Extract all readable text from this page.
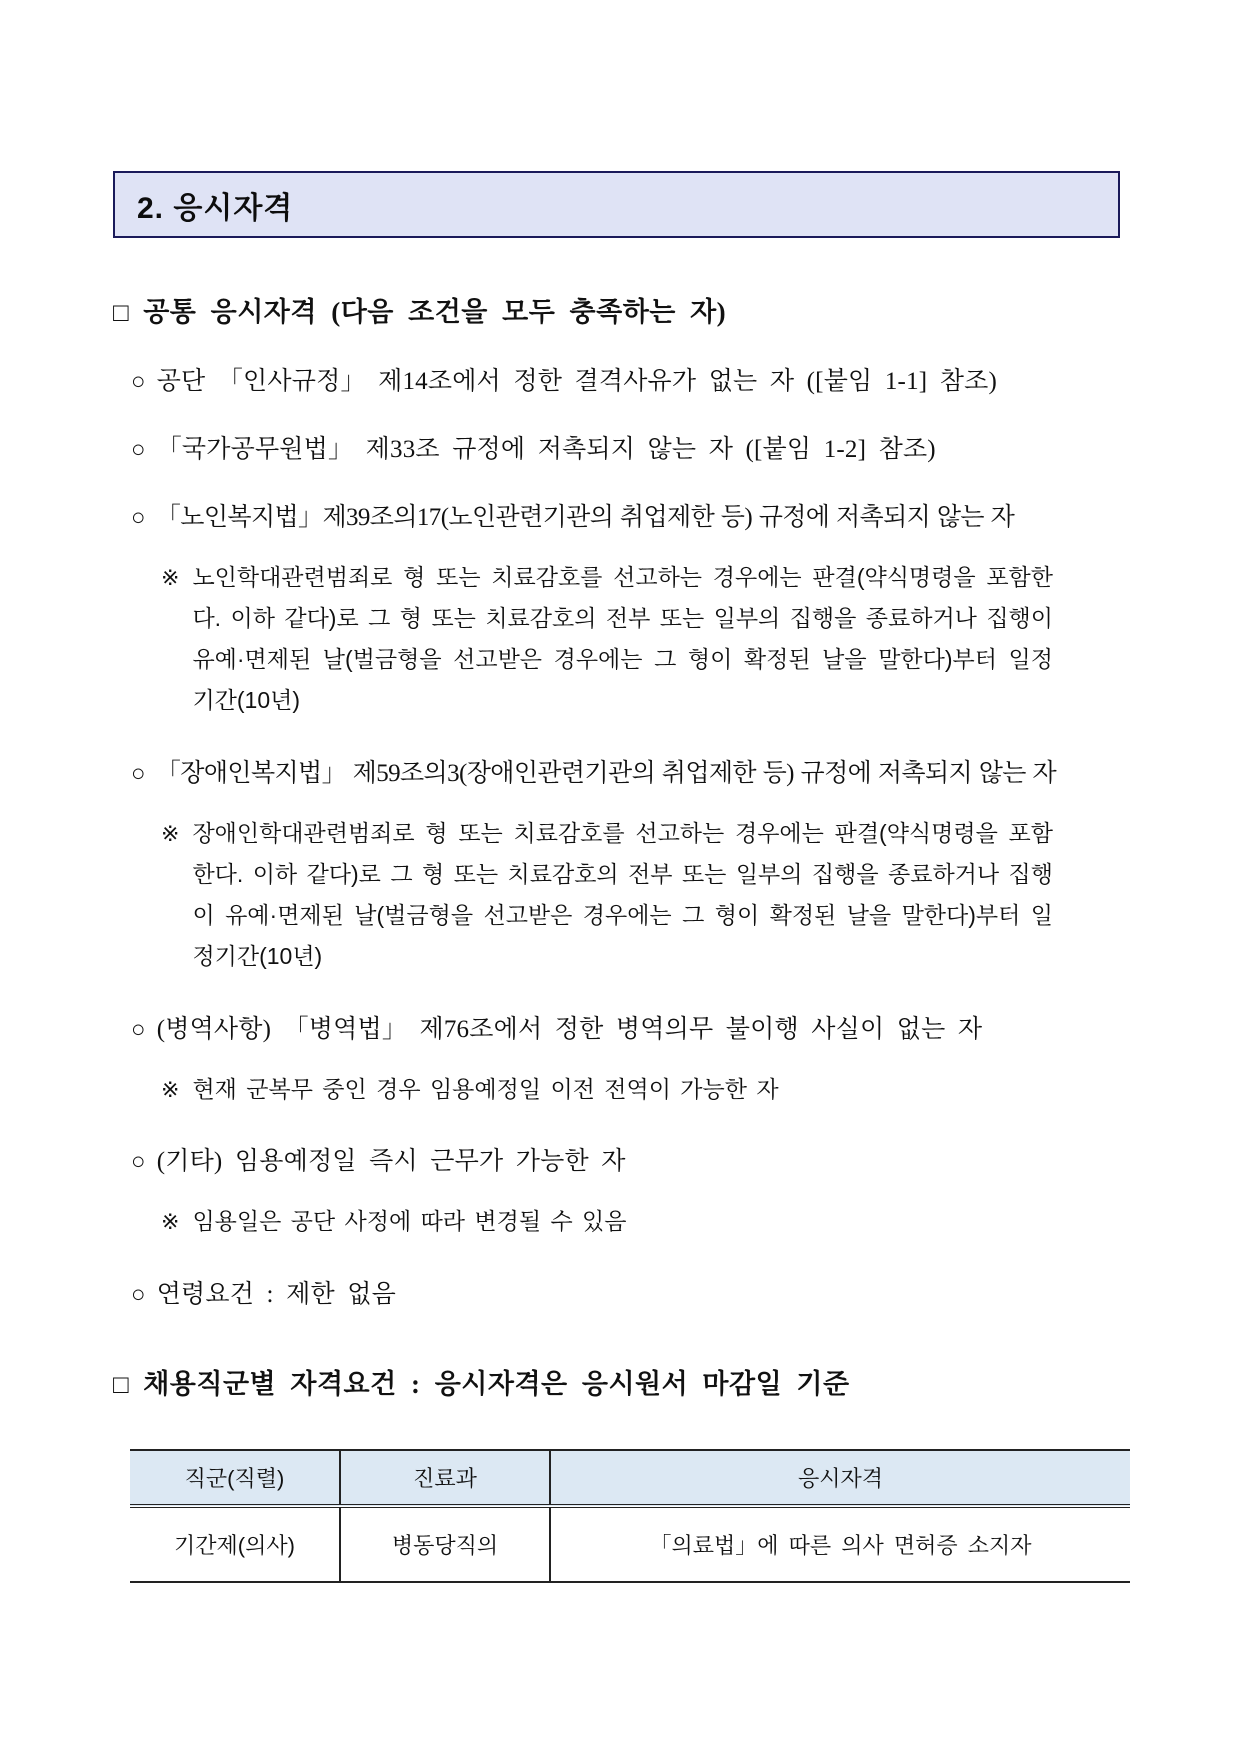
2. 응시자격
□ 공통 응시자격 (다음 조건을 모두 충족하는 자)
○ 공단 「인사규정」 제14조에서 정한 결격사유가 없는 자 ([붙임 1-1] 참조)
○ 「국가공무원법」 제33조 규정에 저촉되지 않는 자 ([붙임 1-2] 참조)
○ 「노인복지법」제39조의17(노인관련기관의 취업제한 등) 규정에 저촉되지 않는 자
※ 노인학대관련범죄로 형 또는 치료감호를 선고하는 경우에는 판결(약식명령을 포함한다. 이하 같다)로 그 형 또는 치료감호의 전부 또는 일부의 집행을 종료하거나 집행이 유예·면제된 날(벌금형을 선고받은 경우에는 그 형이 확정된 날을 말한다)부터 일정기간(10년)
○ 「장애인복지법」 제59조의3(장애인관련기관의 취업제한 등) 규정에 저촉되지 않는 자
※ 장애인학대관련범죄로 형 또는 치료감호를 선고하는 경우에는 판결(약식명령을 포함한다. 이하 같다)로 그 형 또는 치료감호의 전부 또는 일부의 집행을 종료하거나 집행이 유예·면제된 날(벌금형을 선고받은 경우에는 그 형이 확정된 날을 말한다)부터 일정기간(10년)
○ (병역사항) 「병역법」 제76조에서 정한 병역의무 불이행 사실이 없는 자
※ 현재 군복무 중인 경우 임용예정일 이전 전역이 가능한 자
○ (기타) 임용예정일 즉시 근무가 가능한 자
※ 임용일은 공단 사정에 따라 변경될 수 있음
○ 연령요건 : 제한 없음
□ 채용직군별 자격요건 : 응시자격은 응시원서 마감일 기준
직군(직렬)	진료과	응시자격
기간제(의사)	병동당직의	「의료법」에 따른 의사 면허증 소지자
